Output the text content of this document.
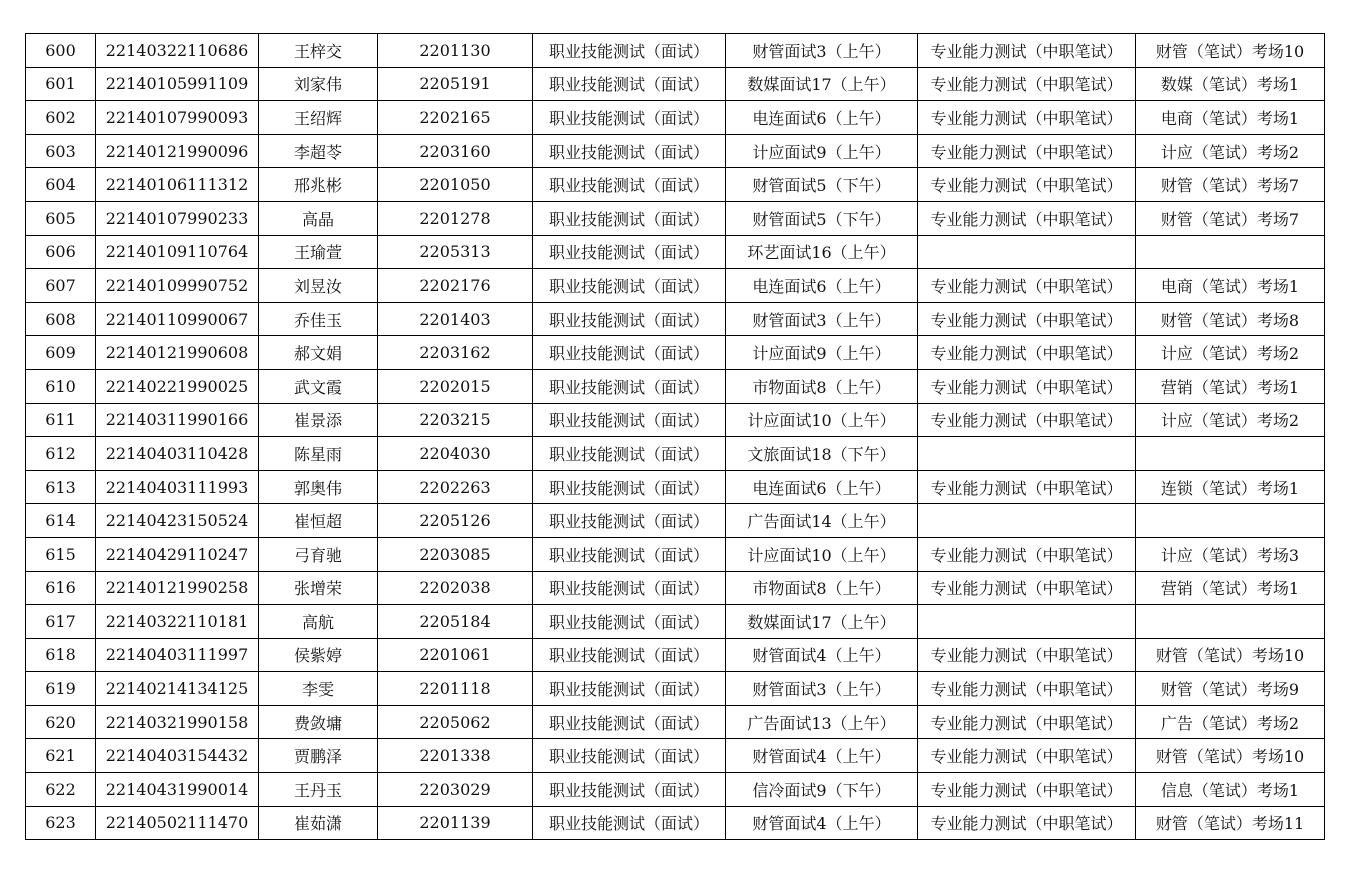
600	22140322110686	王梓交	2201130	职业技能测试（面试）	财管面试3（上午）	专业能力测试（中职笔试）	财管（笔试）考场10
601	22140105991109	刘家伟	2205191	职业技能测试（面试）	数媒面试17（上午）	专业能力测试（中职笔试）	数媒（笔试）考场1
602	22140107990093	王绍辉	2202165	职业技能测试（面试）	电连面试6（上午）	专业能力测试（中职笔试）	电商（笔试）考场1
603	22140121990096	李超苓	2203160	职业技能测试（面试）	计应面试9（上午）	专业能力测试（中职笔试）	计应（笔试）考场2
604	22140106111312	邢兆彬	2201050	职业技能测试（面试）	财管面试5（下午）	专业能力测试（中职笔试）	财管（笔试）考场7
605	22140107990233	高晶	2201278	职业技能测试（面试）	财管面试5（下午）	专业能力测试（中职笔试）	财管（笔试）考场7
606	22140109110764	王瑜萱	2205313	职业技能测试（面试）	环艺面试16（上午）		
607	22140109990752	刘昱汝	2202176	职业技能测试（面试）	电连面试6（上午）	专业能力测试（中职笔试）	电商（笔试）考场1
608	22140110990067	乔佳玉	2201403	职业技能测试（面试）	财管面试3（上午）	专业能力测试（中职笔试）	财管（笔试）考场8
609	22140121990608	郝文娟	2203162	职业技能测试（面试）	计应面试9（上午）	专业能力测试（中职笔试）	计应（笔试）考场2
610	22140221990025	武文霞	2202015	职业技能测试（面试）	市物面试8（上午）	专业能力测试（中职笔试）	营销（笔试）考场1
611	22140311990166	崔景添	2203215	职业技能测试（面试）	计应面试10（上午）	专业能力测试（中职笔试）	计应（笔试）考场2
612	22140403110428	陈星雨	2204030	职业技能测试（面试）	文旅面试18（下午）		
613	22140403111993	郭奥伟	2202263	职业技能测试（面试）	电连面试6（上午）	专业能力测试（中职笔试）	连锁（笔试）考场1
614	22140423150524	崔恒超	2205126	职业技能测试（面试）	广告面试14（上午）		
615	22140429110247	弓育驰	2203085	职业技能测试（面试）	计应面试10（上午）	专业能力测试（中职笔试）	计应（笔试）考场3
616	22140121990258	张增荣	2202038	职业技能测试（面试）	市物面试8（上午）	专业能力测试（中职笔试）	营销（笔试）考场1
617	22140322110181	高航	2205184	职业技能测试（面试）	数媒面试17（上午）		
618	22140403111997	侯紫婷	2201061	职业技能测试（面试）	财管面试4（上午）	专业能力测试（中职笔试）	财管（笔试）考场10
619	22140214134125	李雯	2201118	职业技能测试（面试）	财管面试3（上午）	专业能力测试（中职笔试）	财管（笔试）考场9
620	22140321990158	费敛墉	2205062	职业技能测试（面试）	广告面试13（上午）	专业能力测试（中职笔试）	广告（笔试）考场2
621	22140403154432	贾鹏泽	2201338	职业技能测试（面试）	财管面试4（上午）	专业能力测试（中职笔试）	财管（笔试）考场10
622	22140431990014	王丹玉	2203029	职业技能测试（面试）	信冷面试9（下午）	专业能力测试（中职笔试）	信息（笔试）考场1
623	22140502111470	崔茹潇	2201139	职业技能测试（面试）	财管面试4（上午）	专业能力测试（中职笔试）	财管（笔试）考场11
